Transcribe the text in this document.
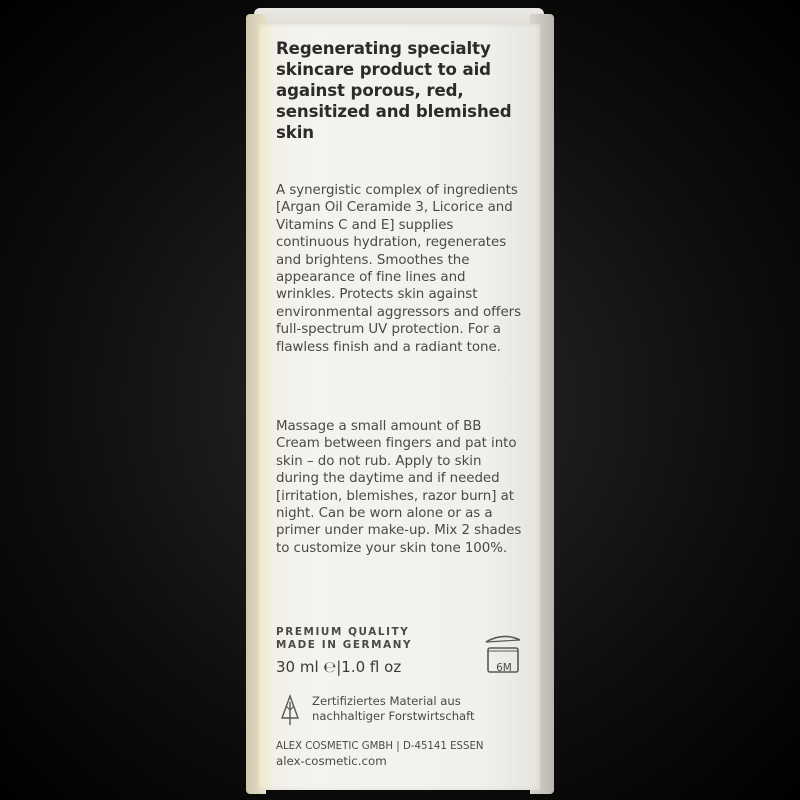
Regenerating specialty skincare product to aid against porous, red, sensitized and blemished skin

A synergistic complex of ingredients [Argan Oil Ceramide 3, Licorice and Vitamins C and E] supplies continuous hydration, regenerates and brightens. Smoothes the appearance of fine lines and wrinkles. Protects skin against environmental aggressors and offers full-spectrum UV protection. For a flawless finish and a radiant tone.

Massage a small amount of BB Cream between fingers and pat into skin – do not rub. Apply to skin during the daytime and if needed [irritation, blemishes, razor burn] at night. Can be worn alone or as a primer under make-up. Mix 2 shades to customize your skin tone 100%.

PREMIUM QUALITY
MADE IN GERMANY
30 ml ℮|1.0 fl oz	6M
Zertifiziertes Material aus nachhaltiger Forstwirtschaft
ALEX COSMETIC GMBH | D-45141 ESSEN
alex-cosmetic.com
